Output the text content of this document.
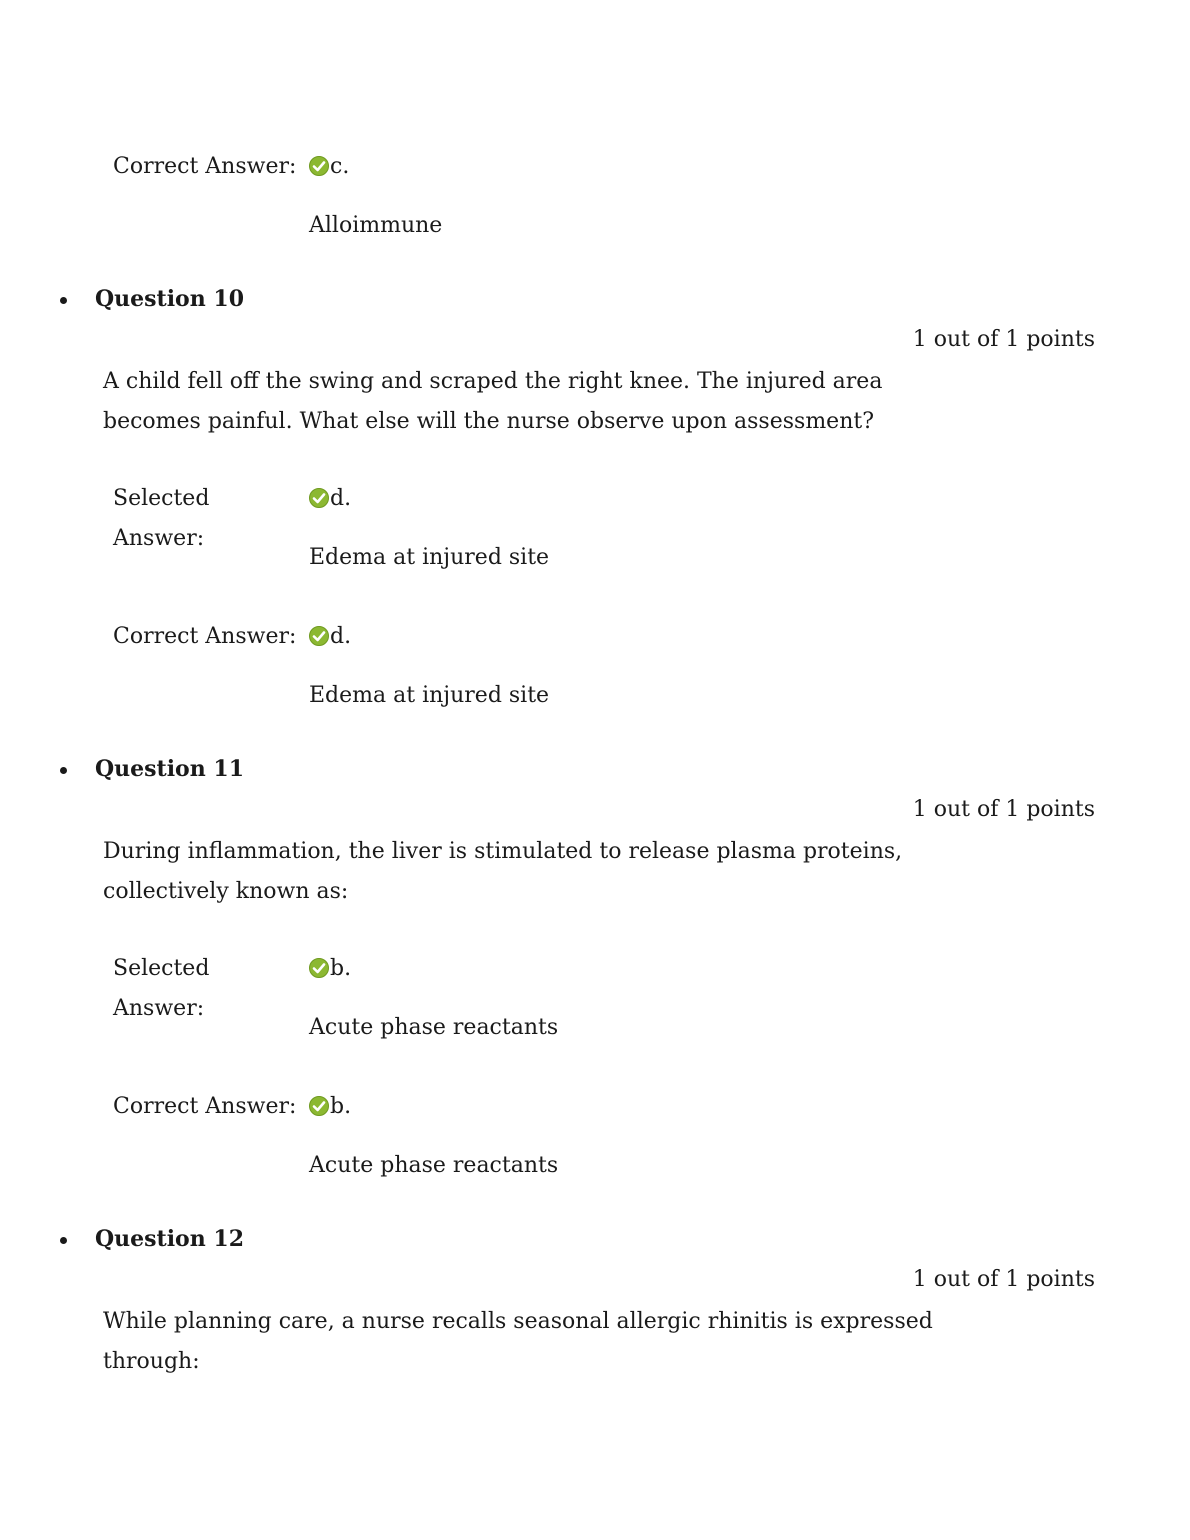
Correct Answer: c.
Alloimmune
Question 10
1 out of 1 points
A child fell off the swing and scraped the right knee. The injured area becomes painful. What else will the nurse observe upon assessment?
Selected Answer:
d.
Edema at injured site
Correct Answer: d.
Edema at injured site
Question 11
1 out of 1 points
During inflammation, the liver is stimulated to release plasma proteins, collectively known as:
Selected Answer:
b.
Acute phase reactants
Correct Answer: b.
Acute phase reactants
Question 12
1 out of 1 points
While planning care, a nurse recalls seasonal allergic rhinitis is expressed through:
